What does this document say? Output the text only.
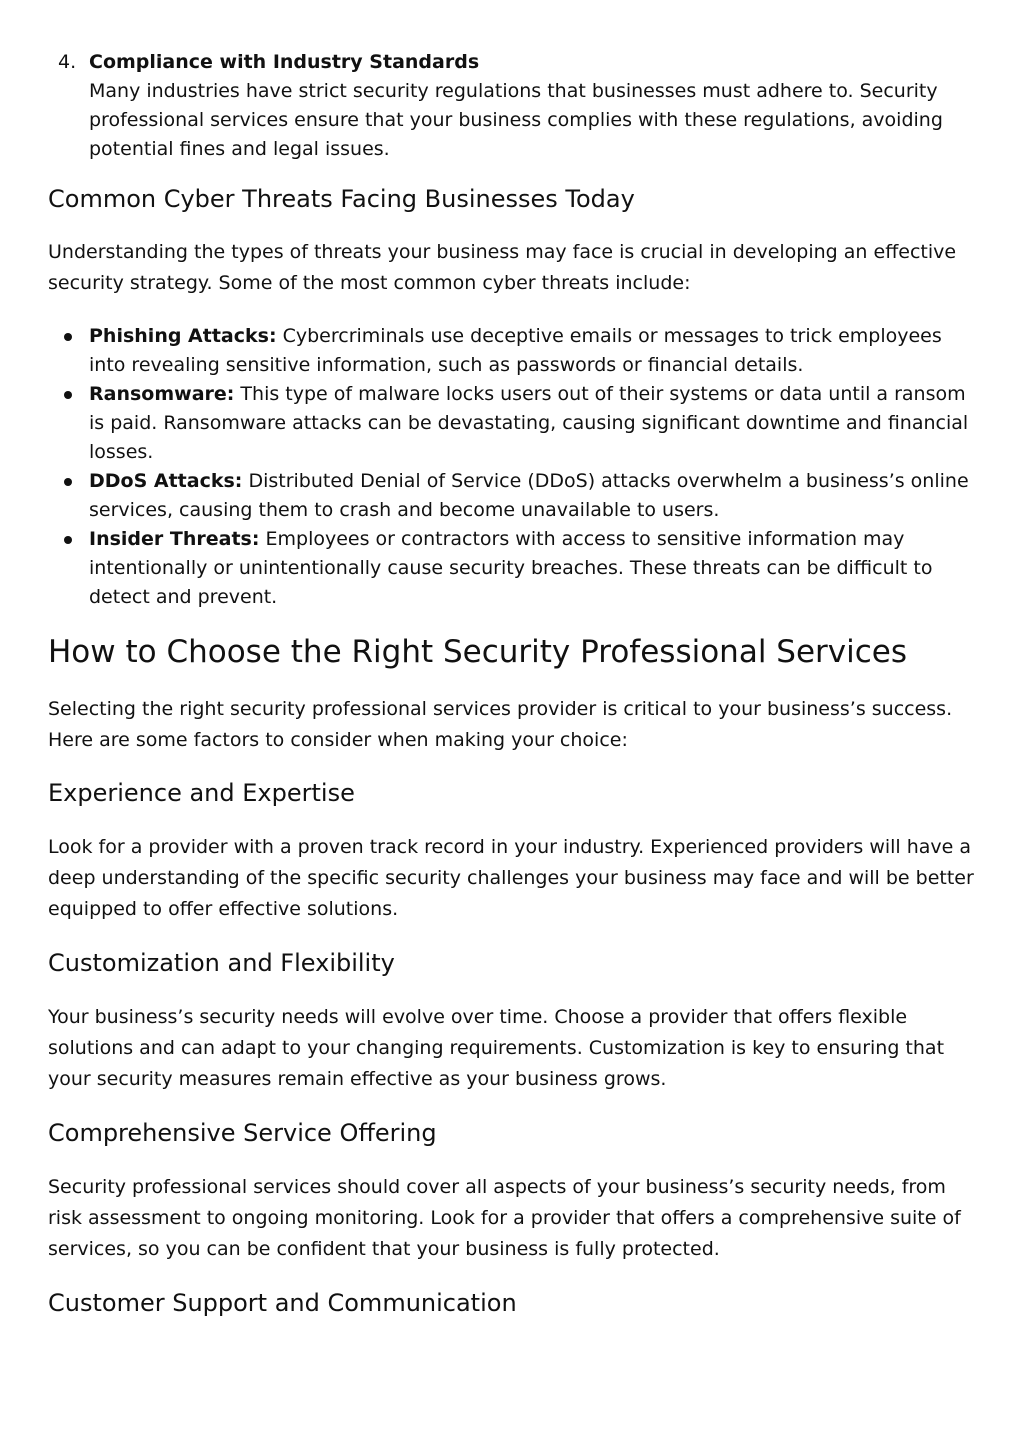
4. Compliance with Industry Standards
Many industries have strict security regulations that businesses must adhere to. Security professional services ensure that your business complies with these regulations, avoiding potential fines and legal issues.
Common Cyber Threats Facing Businesses Today

Understanding the types of threats your business may face is crucial in developing an effective security strategy. Some of the most common cyber threats include:

Phishing Attacks: Cybercriminals use deceptive emails or messages to trick employees into revealing sensitive information, such as passwords or financial details.
Ransomware: This type of malware locks users out of their systems or data until a ransom is paid. Ransomware attacks can be devastating, causing significant downtime and financial losses.
DDoS Attacks: Distributed Denial of Service (DDoS) attacks overwhelm a business’s online services, causing them to crash and become unavailable to users.
Insider Threats: Employees or contractors with access to sensitive information may intentionally or unintentionally cause security breaches. These threats can be difficult to detect and prevent.
How to Choose the Right Security Professional Services

Selecting the right security professional services provider is critical to your business’s success. Here are some factors to consider when making your choice:

Experience and Expertise

Look for a provider with a proven track record in your industry. Experienced providers will have a deep understanding of the specific security challenges your business may face and will be better equipped to offer effective solutions.

Customization and Flexibility

Your business’s security needs will evolve over time. Choose a provider that offers flexible solutions and can adapt to your changing requirements. Customization is key to ensuring that your security measures remain effective as your business grows.

Comprehensive Service Offering

Security professional services should cover all aspects of your business’s security needs, from risk assessment to ongoing monitoring. Look for a provider that offers a comprehensive suite of services, so you can be confident that your business is fully protected.

Customer Support and Communication
